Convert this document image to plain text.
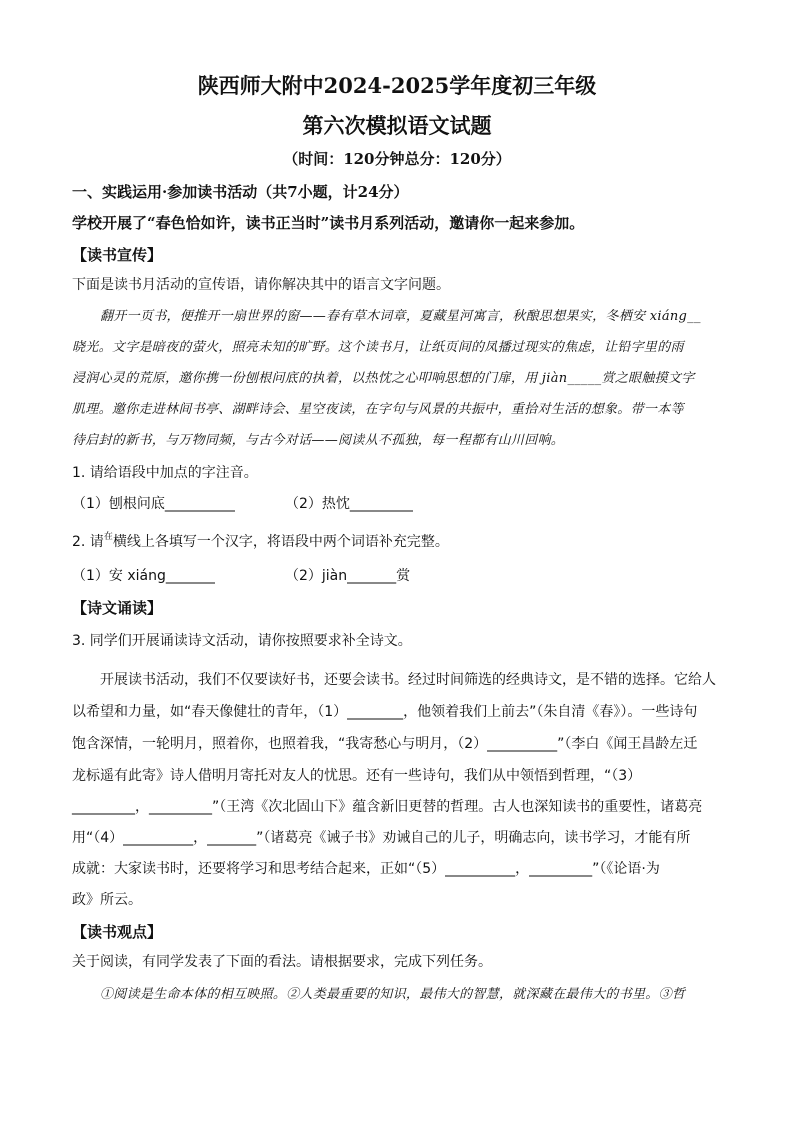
陕西师大附中2024-2025学年度初三年级
第六次模拟语文试题
（时间：120分钟总分：120分）
一、实践运用·参加读书活动（共7小题，计24分）
学校开展了“春色恰如许，读书正当时”读书月系列活动，邀请你一起来参加。
【读书宣传】
下面是读书月活动的宣传语，请你解决其中的语言文字问题。
翻开一页书，便推开一扇世界的窗——春有草木词章，夏藏星河寓言，秋酿思想果实，冬栖安 xiáng__
晓光。文字是暗夜的萤火，照亮未知的旷野。这个读书月，让纸页间的凤播过现实的焦虑，让铅字里的雨
浸润心灵的荒原，邀你携一份刨根问底的执着，以热忱之心叩响思想的门扉，用 jiàn_____赏之眼触摸文字
肌理。邀你走进林间书亭、湖畔诗会、星空夜读，在字句与风景的共振中，重拾对生活的想象。带一本等
待启封的新书，与万物同频，与古今对话——阅读从不孤独，每一程都有山川回响。
1. 请给语段中加点的字注音。
（1）刨根问底__________	（2）热忱_________
2. 请$^在$横线上各填写一个汉字，将语段中两个词语补充完整。
（1）安 xiáng_______	（2）jiàn_______赏
【诗文诵读】
3. 同学们开展诵读诗文活动，请你按照要求补全诗文。
开展读书活动，我们不仅要读好书，还要会读书。经过时间筛选的经典诗文，是不错的选择。它给人
以希望和力量，如“春天像健壮的青年，（1）________，他领着我们上前去”（朱自清《春》）。一些诗句
饱含深情，一轮明月，照着你，也照着我，“我寄愁心与明月，（2）__________”（李白《闻王昌龄左迁
龙标遥有此寄》诗人借明月寄托对友人的忧思。还有一些诗句，我们从中领悟到哲理，“（3）
_________，_________”（王湾《次北固山下》蕴含新旧更替的哲理。古人也深知读书的重要性，诸葛亮
用“（4）__________，_______”（诸葛亮《诫子书》劝诫自己的儿子，明确志向，读书学习，才能有所
成就：大家读书时，还要将学习和思考结合起来，正如“（5）__________，_________”（《论语·为
政》所云。
【读书观点】
关于阅读，有同学发表了下面的看法。请根据要求，完成下列任务。
①阅读是生命本体的相互映照。②人类最重要的知识，最伟大的智慧，就深藏在最伟大的书里。③哲
